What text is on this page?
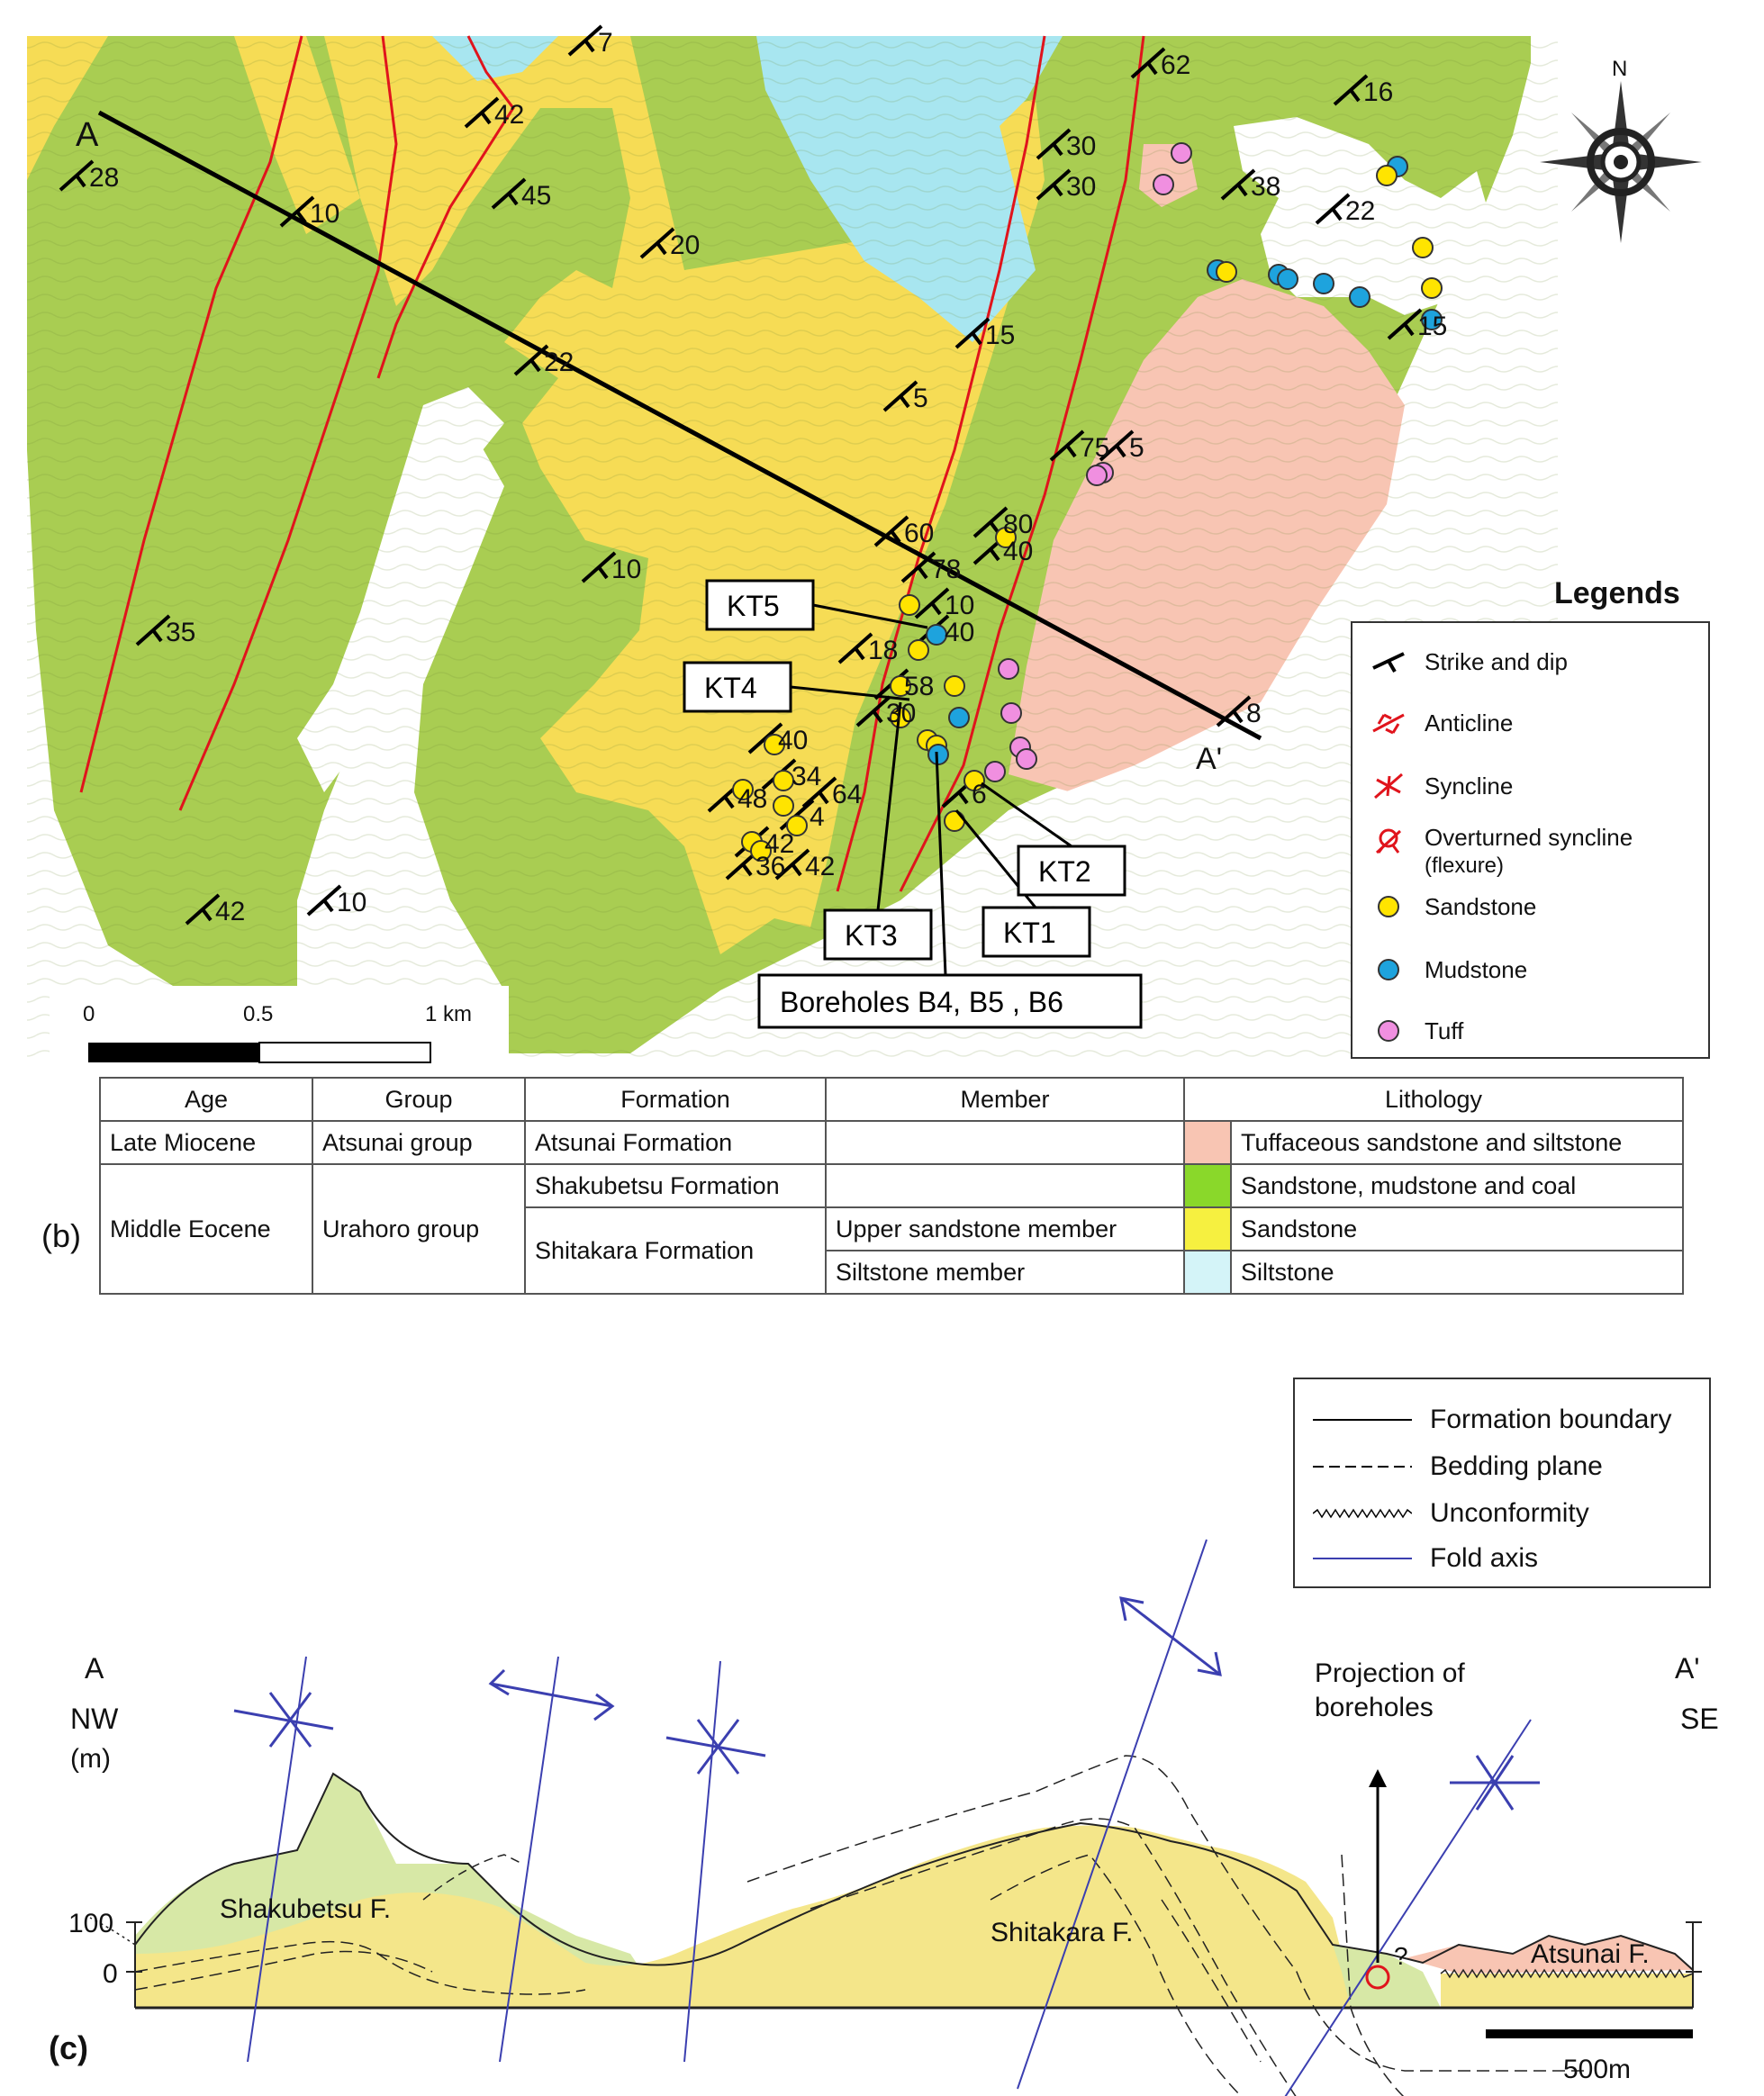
7
42
62
16
28
10
45
30
30	38
22
20
15	15
22
5
75 5
60	80
40
10
35
78
10
40
18
58
30
40
34
64
48
4
42
36 42
10
42
6
8
A
A'
N
KT5
KT4
KT3
KT2
KT1
Boreholes B4, B5 , B6
0	0.5	1 km
Legends
Strike and dip
Anticline
Syncline
Overturned syncline
(flexure)
Sandstone
Mudstone
Tuff
(b)
Age	Group	Formation	Member	Lithology	
Late Miocene	Atsunai group	Atsunai Formation			Tuffaceous sandstone and siltstone
Middle Eocene	Urahoro group	Shakubetsu Formation			Sandstone, mudstone and coal
		Shitakara Formation	Upper sandstone member		Sandstone
			Siltstone member		Siltstone
Formation boundary
Bedding plane
Unconformity
Fold axis
A
NW
(m)
100
0
A'
SE
Projection of
boreholes
Shakubetsu F.
Shitakara F.
Atsunai F.
?
500m
(c)
